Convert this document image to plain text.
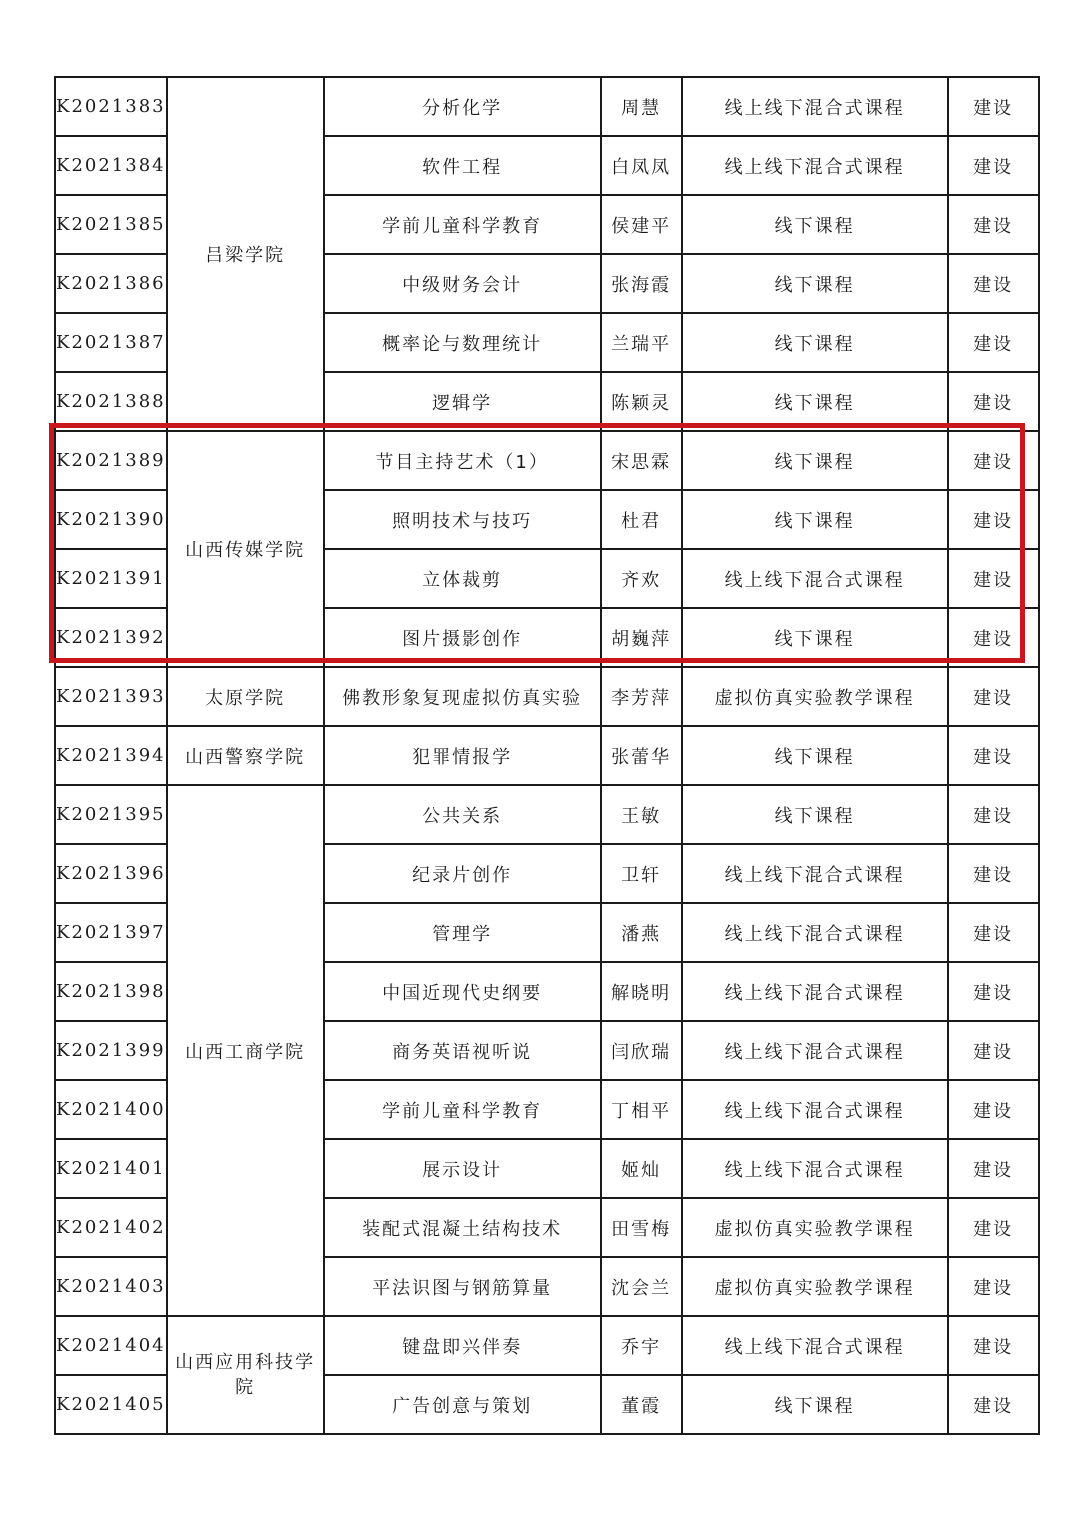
K2021383	吕梁学院	分析化学	周慧	线上线下混合式课程	建设
K2021384		软件工程	白凤凤	线上线下混合式课程	建设
K2021385		学前儿童科学教育	侯建平	线下课程	建设
K2021386		中级财务会计	张海霞	线下课程	建设
K2021387		概率论与数理统计	兰瑞平	线下课程	建设
K2021388		逻辑学	陈颖灵	线下课程	建设
K2021389	山西传媒学院	节目主持艺术（1）	宋思霖	线下课程	建设
K2021390		照明技术与技巧	杜君	线下课程	建设
K2021391		立体裁剪	齐欢	线上线下混合式课程	建设
K2021392		图片摄影创作	胡巍萍	线下课程	建设
K2021393	太原学院	佛教形象复现虚拟仿真实验	李芳萍	虚拟仿真实验教学课程	建设
K2021394	山西警察学院	犯罪情报学	张蕾华	线下课程	建设
K2021395	山西工商学院	公共关系	王敏	线下课程	建设
K2021396		纪录片创作	卫轩	线上线下混合式课程	建设
K2021397		管理学	潘燕	线上线下混合式课程	建设
K2021398		中国近现代史纲要	解晓明	线上线下混合式课程	建设
K2021399		商务英语视听说	闫欣瑞	线上线下混合式课程	建设
K2021400		学前儿童科学教育	丁相平	线上线下混合式课程	建设
K2021401		展示设计	姬灿	线上线下混合式课程	建设
K2021402		装配式混凝土结构技术	田雪梅	虚拟仿真实验教学课程	建设
K2021403		平法识图与钢筋算量	沈会兰	虚拟仿真实验教学课程	建设
K2021404	山西应用科技学院	键盘即兴伴奏	乔宇	线上线下混合式课程	建设
K2021405		广告创意与策划	董霞	线下课程	建设
